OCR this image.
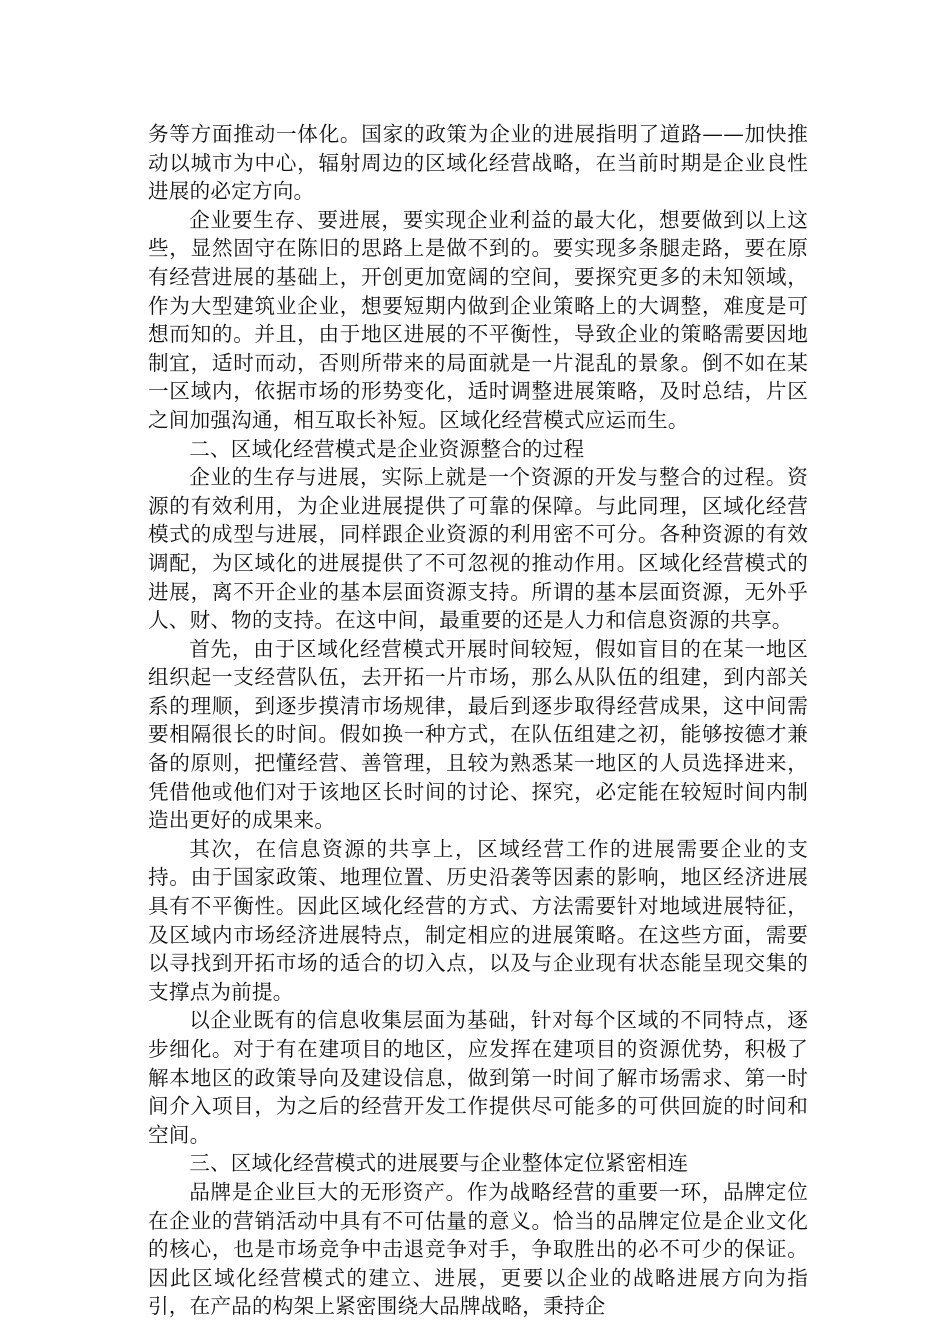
务等方面推动一体化。国家的政策为企业的进展指明了道路——加快推动以城市为中心，辐射周边的区域化经营战略，在当前时期是企业良性进展的必定方向。

企业要生存、要进展，要实现企业利益的最大化，想要做到以上这些，显然固守在陈旧的思路上是做不到的。要实现多条腿走路，要在原有经营进展的基础上，开创更加宽阔的空间，要探究更多的未知领域，作为大型建筑业企业，想要短期内做到企业策略上的大调整，难度是可想而知的。并且，由于地区进展的不平衡性，导致企业的策略需要因地制宜，适时而动，否则所带来的局面就是一片混乱的景象。倒不如在某一区域内，依据市场的形势变化，适时调整进展策略，及时总结，片区之间加强沟通，相互取长补短。区域化经营模式应运而生。

二、区域化经营模式是企业资源整合的过程

企业的生存与进展，实际上就是一个资源的开发与整合的过程。资源的有效利用，为企业进展提供了可靠的保障。与此同理，区域化经营模式的成型与进展，同样跟企业资源的利用密不可分。各种资源的有效调配，为区域化的进展提供了不可忽视的推动作用。区域化经营模式的进展，离不开企业的基本层面资源支持。所谓的基本层面资源，无外乎人、财、物的支持。在这中间，最重要的还是人力和信息资源的共享。

首先，由于区域化经营模式开展时间较短，假如盲目的在某一地区组织起一支经营队伍，去开拓一片市场，那么从队伍的组建，到内部关系的理顺，到逐步摸清市场规律，最后到逐步取得经营成果，这中间需要相隔很长的时间。假如换一种方式，在队伍组建之初，能够按德才兼备的原则，把懂经营、善管理，且较为熟悉某一地区的人员选择进来，凭借他或他们对于该地区长时间的讨论、探究，必定能在较短时间内制造出更好的成果来。

其次，在信息资源的共享上，区域经营工作的进展需要企业的支持。由于国家政策、地理位置、历史沿袭等因素的影响，地区经济进展具有不平衡性。因此区域化经营的方式、方法需要针对地域进展特征，及区域内市场经济进展特点，制定相应的进展策略。在这些方面，需要以寻找到开拓市场的适合的切入点，以及与企业现有状态能呈现交集的支撑点为前提。

以企业既有的信息收集层面为基础，针对每个区域的不同特点，逐步细化。对于有在建项目的地区，应发挥在建项目的资源优势，积极了解本地区的政策导向及建设信息，做到第一时间了解市场需求、第一时间介入项目，为之后的经营开发工作提供尽可能多的可供回旋的时间和空间。

三、区域化经营模式的进展要与企业整体定位紧密相连

品牌是企业巨大的无形资产。作为战略经营的重要一环，品牌定位在企业的营销活动中具有不可估量的意义。恰当的品牌定位是企业文化的核心，也是市场竞争中击退竞争对手，争取胜出的必不可少的保证。因此区域化经营模式的建立、进展，更要以企业的战略进展方向为指引，在产品的构架上紧密围绕大品牌战略，秉持企
